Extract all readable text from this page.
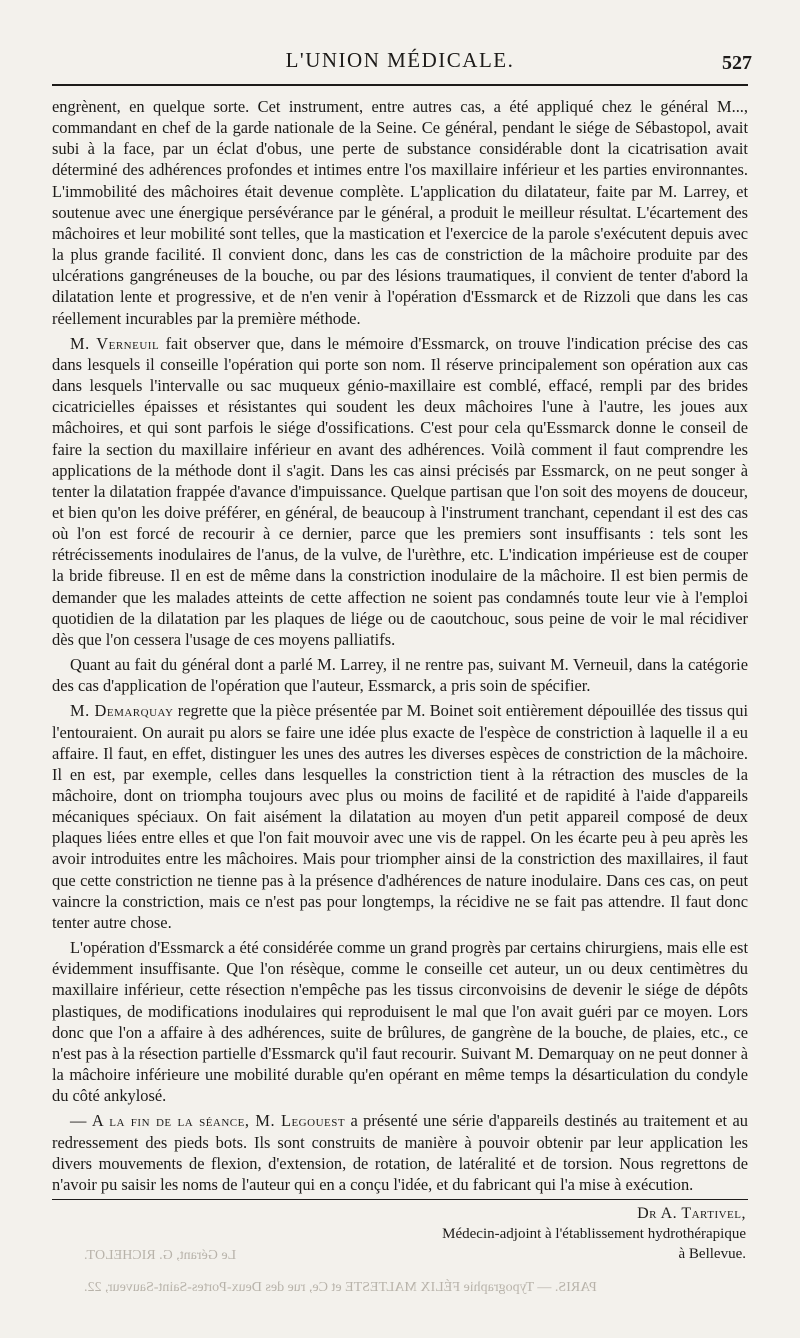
L'UNION MÉDICALE.	527

engrènent, en quelque sorte. Cet instrument, entre autres cas, a été appliqué chez le général M..., commandant en chef de la garde nationale de la Seine. Ce général, pendant le siége de Sébastopol, avait subi à la face, par un éclat d'obus, une perte de substance considérable dont la cicatrisation avait déterminé des adhérences profondes et intimes entre l'os maxillaire inférieur et les parties environnantes. L'immobilité des mâchoires était devenue complète. L'application du dilatateur, faite par M. Larrey, et soutenue avec une énergique persévérance par le général, a produit le meilleur résultat. L'écartement des mâchoires et leur mobilité sont telles, que la mastication et l'exercice de la parole s'exécutent depuis avec la plus grande facilité. Il convient donc, dans les cas de constriction de la mâchoire produite par des ulcérations gangréneuses de la bouche, ou par des lésions traumatiques, il convient de tenter d'abord la dilatation lente et progressive, et de n'en venir à l'opération d'Essmarck et de Rizzoli que dans les cas réellement incurables par la première méthode.

M. Verneuil fait observer que, dans le mémoire d'Essmarck, on trouve l'indication précise des cas dans lesquels il conseille l'opération qui porte son nom. Il réserve principalement son opération aux cas dans lesquels l'intervalle ou sac muqueux génio-maxillaire est comblé, effacé, rempli par des brides cicatricielles épaisses et résistantes qui soudent les deux mâchoires l'une à l'autre, les joues aux mâchoires, et qui sont parfois le siége d'ossifications. C'est pour cela qu'Essmarck donne le conseil de faire la section du maxillaire inférieur en avant des adhérences. Voilà comment il faut comprendre les applications de la méthode dont il s'agit. Dans les cas ainsi précisés par Essmarck, on ne peut songer à tenter la dilatation frappée d'avance d'impuissance. Quelque partisan que l'on soit des moyens de douceur, et bien qu'on les doive préférer, en général, de beaucoup à l'instrument tranchant, cependant il est des cas où l'on est forcé de recourir à ce dernier, parce que les premiers sont insuffisants : tels sont les rétrécissements inodulaires de l'anus, de la vulve, de l'urèthre, etc. L'indication impérieuse est de couper la bride fibreuse. Il en est de même dans la constriction inodulaire de la mâchoire. Il est bien permis de demander que les malades atteints de cette affection ne soient pas condamnés toute leur vie à l'emploi quotidien de la dilatation par les plaques de liége ou de caoutchouc, sous peine de voir le mal récidiver dès que l'on cessera l'usage de ces moyens palliatifs.

Quant au fait du général dont a parlé M. Larrey, il ne rentre pas, suivant M. Verneuil, dans la catégorie des cas d'application de l'opération que l'auteur, Essmarck, a pris soin de spécifier.

M. Demarquay regrette que la pièce présentée par M. Boinet soit entièrement dépouillée des tissus qui l'entouraient. On aurait pu alors se faire une idée plus exacte de l'espèce de constriction à laquelle il a eu affaire. Il faut, en effet, distinguer les unes des autres les diverses espèces de constriction de la mâchoire. Il en est, par exemple, celles dans lesquelles la constriction tient à la rétraction des muscles de la mâchoire, dont on triompha toujours avec plus ou moins de facilité et de rapidité à l'aide d'appareils mécaniques spéciaux. On fait aisément la dilatation au moyen d'un petit appareil composé de deux plaques liées entre elles et que l'on fait mouvoir avec une vis de rappel. On les écarte peu à peu après les avoir introduites entre les mâchoires. Mais pour triompher ainsi de la constriction des maxillaires, il faut que cette constriction ne tienne pas à la présence d'adhérences de nature inodulaire. Dans ces cas, on peut vaincre la constriction, mais ce n'est pas pour longtemps, la récidive ne se fait pas attendre. Il faut donc tenter autre chose.

L'opération d'Essmarck a été considérée comme un grand progrès par certains chirurgiens, mais elle est évidemment insuffisante. Que l'on résèque, comme le conseille cet auteur, un ou deux centimètres du maxillaire inférieur, cette résection n'empêche pas les tissus circonvoisins de devenir le siége de dépôts plastiques, de modifications inodulaires qui reproduisent le mal que l'on avait guéri par ce moyen. Lors donc que l'on a affaire à des adhérences, suite de brûlures, de gangrène de la bouche, de plaies, etc., ce n'est pas à la résection partielle d'Essmarck qu'il faut recourir. Suivant M. Demarquay on ne peut donner à la mâchoire inférieure une mobilité durable qu'en opérant en même temps la désarticulation du condyle du côté ankylosé.

— A la fin de la séance, M. Legouest a présenté une série d'appareils destinés au traitement et au redressement des pieds bots. Ils sont construits de manière à pouvoir obtenir par leur application les divers mouvements de flexion, d'extension, de rotation, de latéralité et de torsion. Nous regrettons de n'avoir pu saisir les noms de l'auteur qui en a conçu l'idée, et du fabricant qui l'a mise à exécution.

Dr A. Tartivel,
Médecin-adjoint à l'établissement hydrothérapique
à Bellevue.
Le Gérant, G. RICHELOT.
PARIS. — Typographie FÉLIX MALTESTE et Ce, rue des Deux-Portes-Saint-Sauveur, 22.
